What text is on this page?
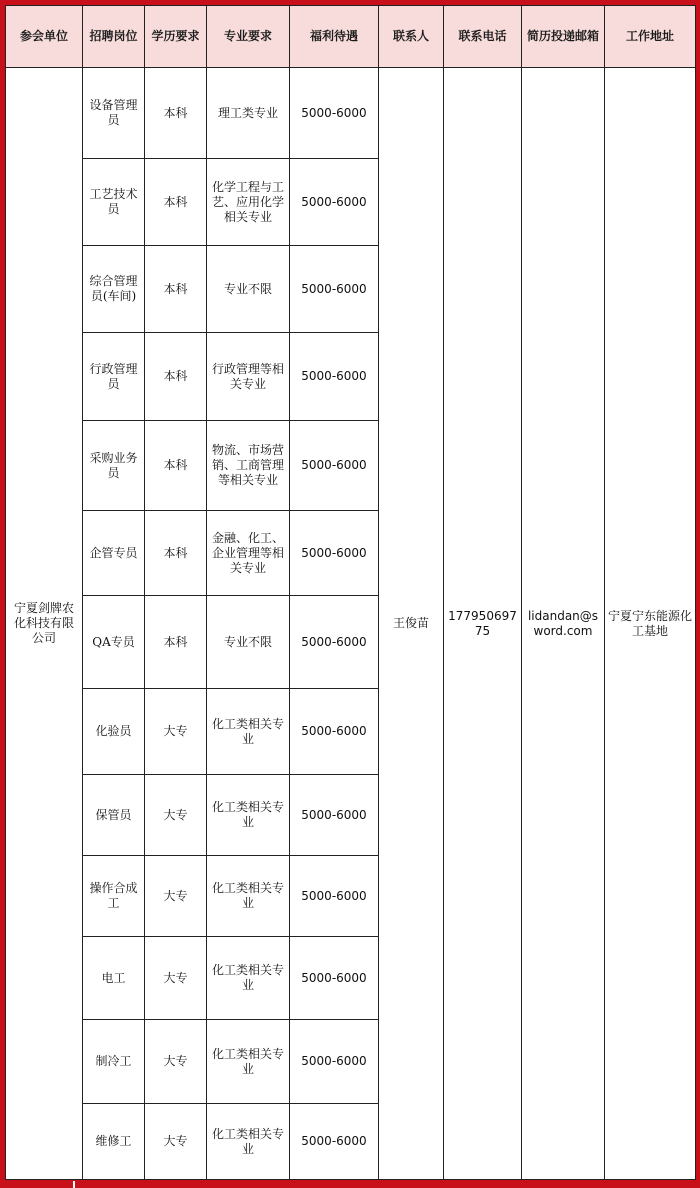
参会单位	招聘岗位	学历要求	专业要求	福利待遇	联系人	联系电话	简历投递邮箱	工作地址
宁夏剑牌农化科技有限公司	设备管理员	本科	理工类专业	5000-6000	王俊苗	17795069775	lidandan@sword.com	宁夏宁东能源化工基地
	工艺技术员	本科	化学工程与工艺、应用化学相关专业	5000-6000				
	综合管理员(车间)	本科	专业不限	5000-6000				
	行政管理员	本科	行政管理等相关专业	5000-6000				
	采购业务员	本科	物流、市场营销、工商管理等相关专业	5000-6000				
	企管专员	本科	金融、化工、企业管理等相关专业	5000-6000				
	QA专员	本科	专业不限	5000-6000				
	化验员	大专	化工类相关专业	5000-6000				
	保管员	大专	化工类相关专业	5000-6000				
	操作合成工	大专	化工类相关专业	5000-6000				
	电工	大专	化工类相关专业	5000-6000				
	制冷工	大专	化工类相关专业	5000-6000				
	维修工	大专	化工类相关专业	5000-6000				
